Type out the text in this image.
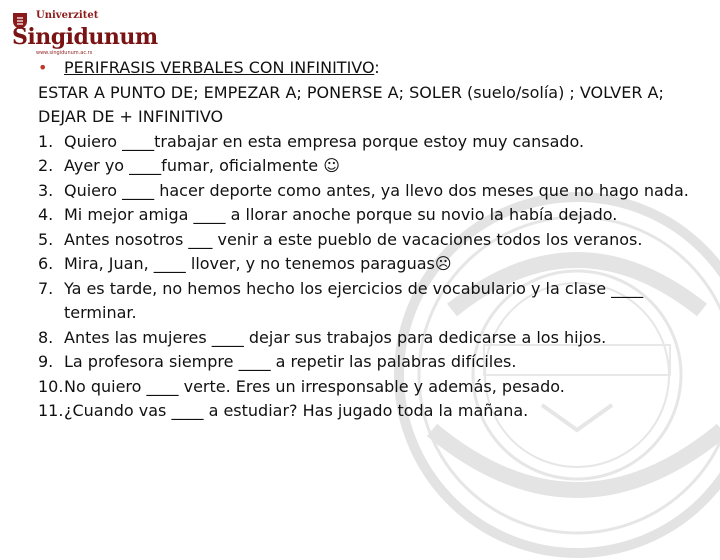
Univerzitet
Singidunum
www.singidunum.ac.rs
• PERIFRASIS VERBALES CON INFINITIVO:

ESTAR A PUNTO DE; EMPEZAR A; PONERSE A; SOLER (suelo/solía) ; VOLVER A; DEJAR DE + INFINITIVO

1. Quiero ____trabajar en esta empresa porque estoy muy cansado.
2. Ayer yo ____fumar, oficialmente ☺
3. Quiero ____ hacer deporte como antes, ya llevo dos meses que no hago nada.
4. Mi mejor amiga ____ a llorar anoche porque su novio la había dejado.
5. Antes nosotros ___ venir a este pueblo de vacaciones todos los veranos.
6. Mira, Juan, ____ llover, y no tenemos paraguas☹
7. Ya es tarde, no hemos hecho los ejercicios de vocabulario y la clase ____ terminar.
8. Antes las mujeres ____ dejar sus trabajos para dedicarse a los hijos.
9. La profesora siempre ____ a repetir las palabras difíciles.
10. No quiero ____ verte. Eres un irresponsable y además, pesado.
11. ¿Cuando vas ____ a estudiar? Has jugado toda la mañana.
